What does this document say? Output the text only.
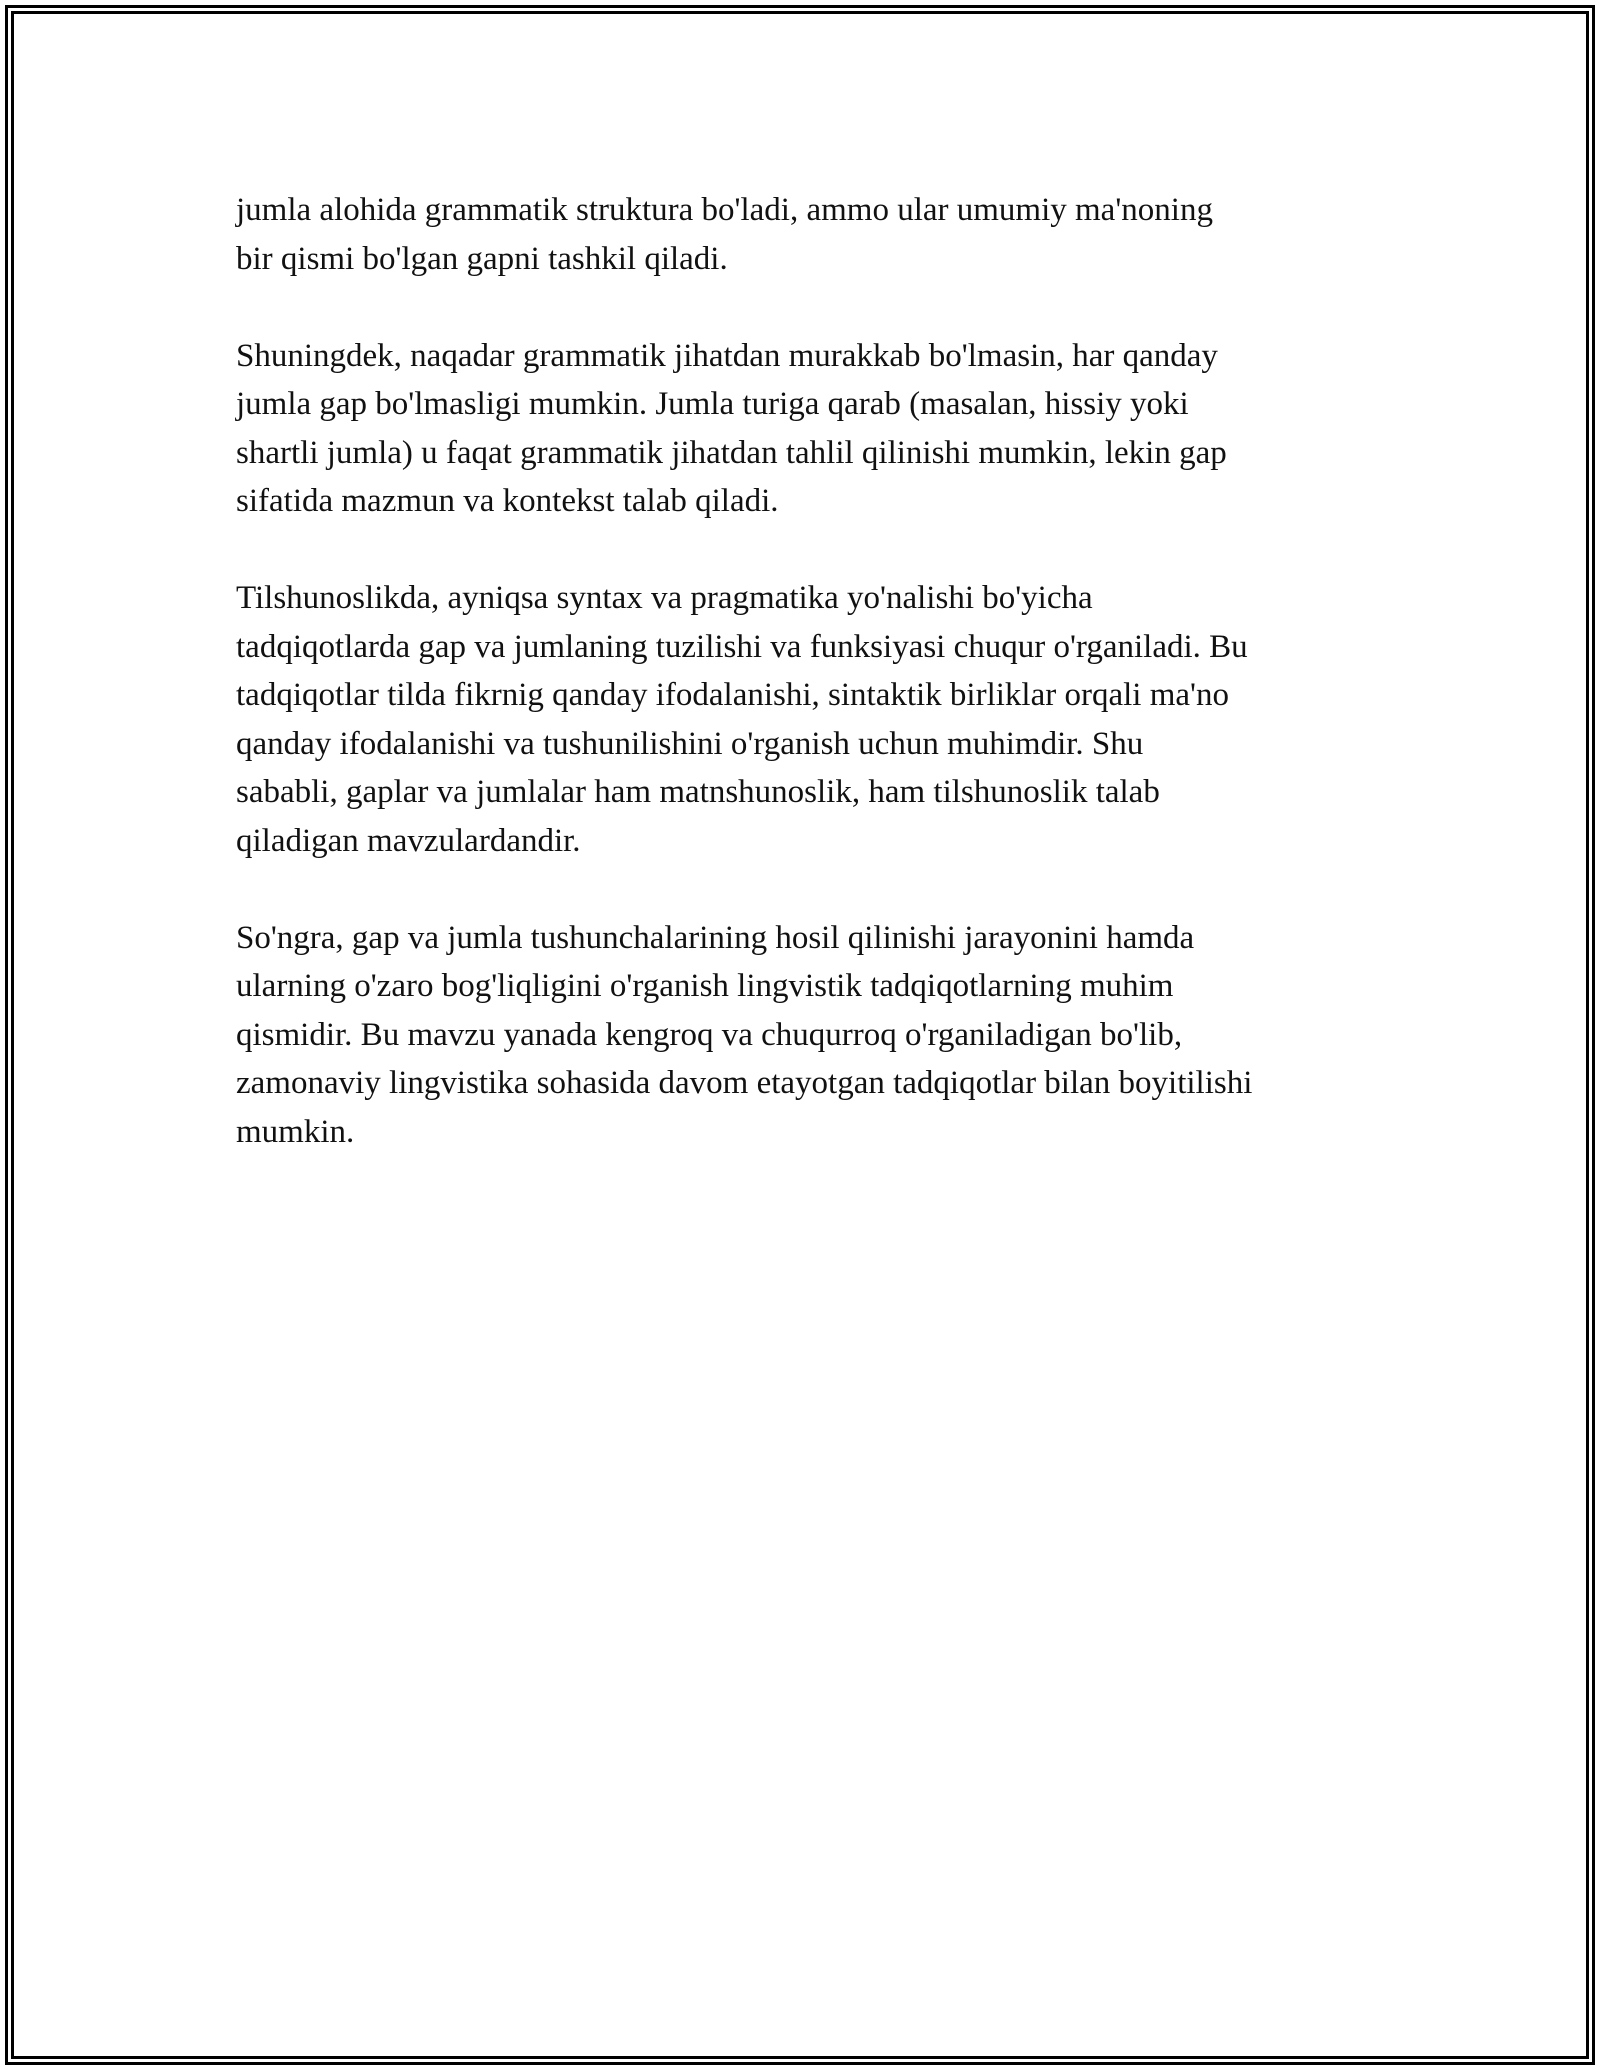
jumla alohida grammatik struktura bo'ladi, ammo ular umumiy ma'noning
bir qismi bo'lgan gapni tashkil qiladi.

Shuningdek, naqadar grammatik jihatdan murakkab bo'lmasin, har qanday
jumla gap bo'lmasligi mumkin. Jumla turiga qarab (masalan, hissiy yoki
shartli jumla) u faqat grammatik jihatdan tahlil qilinishi mumkin, lekin gap
sifatida mazmun va kontekst talab qiladi.

Tilshunoslikda, ayniqsa syntax va pragmatika yo'nalishi bo'yicha
tadqiqotlarda gap va jumlaning tuzilishi va funksiyasi chuqur o'rganiladi. Bu
tadqiqotlar tilda fikrnig qanday ifodalanishi, sintaktik birliklar orqali ma'no
qanday ifodalanishi va tushunilishini o'rganish uchun muhimdir. Shu
sababli, gaplar va jumlalar ham matnshunoslik, ham tilshunoslik talab
qiladigan mavzulardandir.

So'ngra, gap va jumla tushunchalarining hosil qilinishi jarayonini hamda
ularning o'zaro bog'liqligini o'rganish lingvistik tadqiqotlarning muhim
qismidir. Bu mavzu yanada kengroq va chuqurroq o'rganiladigan bo'lib,
zamonaviy lingvistika sohasida davom etayotgan tadqiqotlar bilan boyitilishi
mumkin.
